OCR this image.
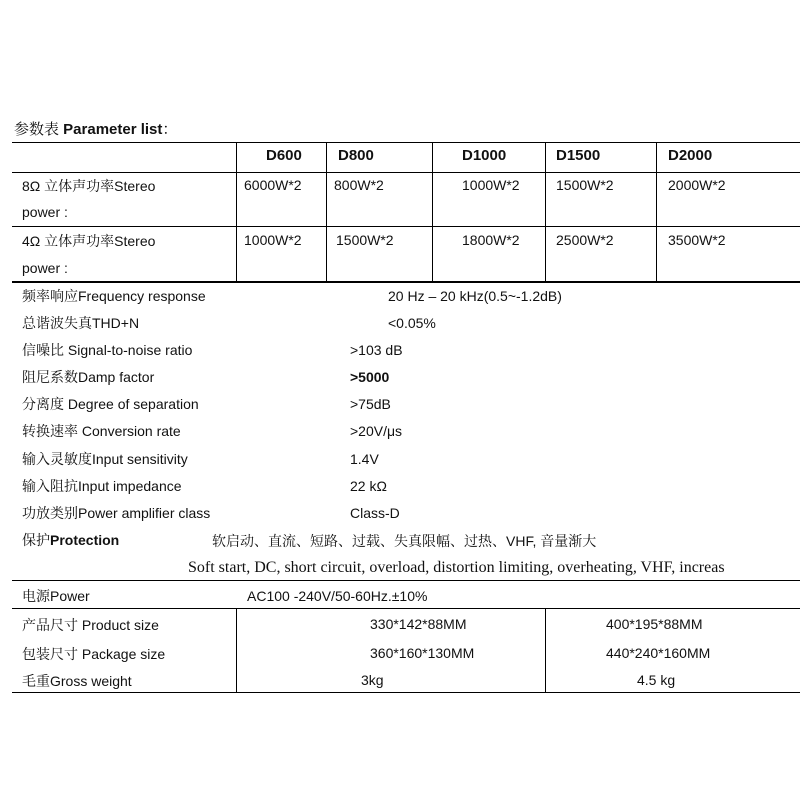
参数表 Parameter list：
D600 D800	D1000	D1500	D2000
8Ω 立体声功率Stereo
power :
6000W*2 800W*2	1000W*2	1500W*2	2000W*2
4Ω 立体声功率Stereo
power :
1000W*2 1500W*2	1800W*2	2500W*2	3500W*2
频率响应Frequency response	20 Hz – 20 kHz(0.5~-1.2dB)
总谐波失真THD+N	<0.05%
信噪比 Signal-to-noise ratio	>103 dB
阻尼系数Damp factor	>5000
分离度 Degree of separation	>75dB
转换速率 Conversion rate	>20V/μs
输入灵敏度Input sensitivity	1.4V
输入阻抗Input impedance	22 kΩ
功放类别Power amplifier class	Class-D
保护Protection	软启动、直流、短路、过载、失真限幅、过热、VHF, 音量渐大
Soft start, DC, short circuit, overload, distortion limiting, overheating, VHF, increas
电源Power	AC100 -240V/50-60Hz.±10%
产品尺寸 Product size	330*142*88MM	400*195*88MM
包装尺寸 Package size	360*160*130MM	440*240*160MM
毛重Gross weight	3kg	4.5 kg
